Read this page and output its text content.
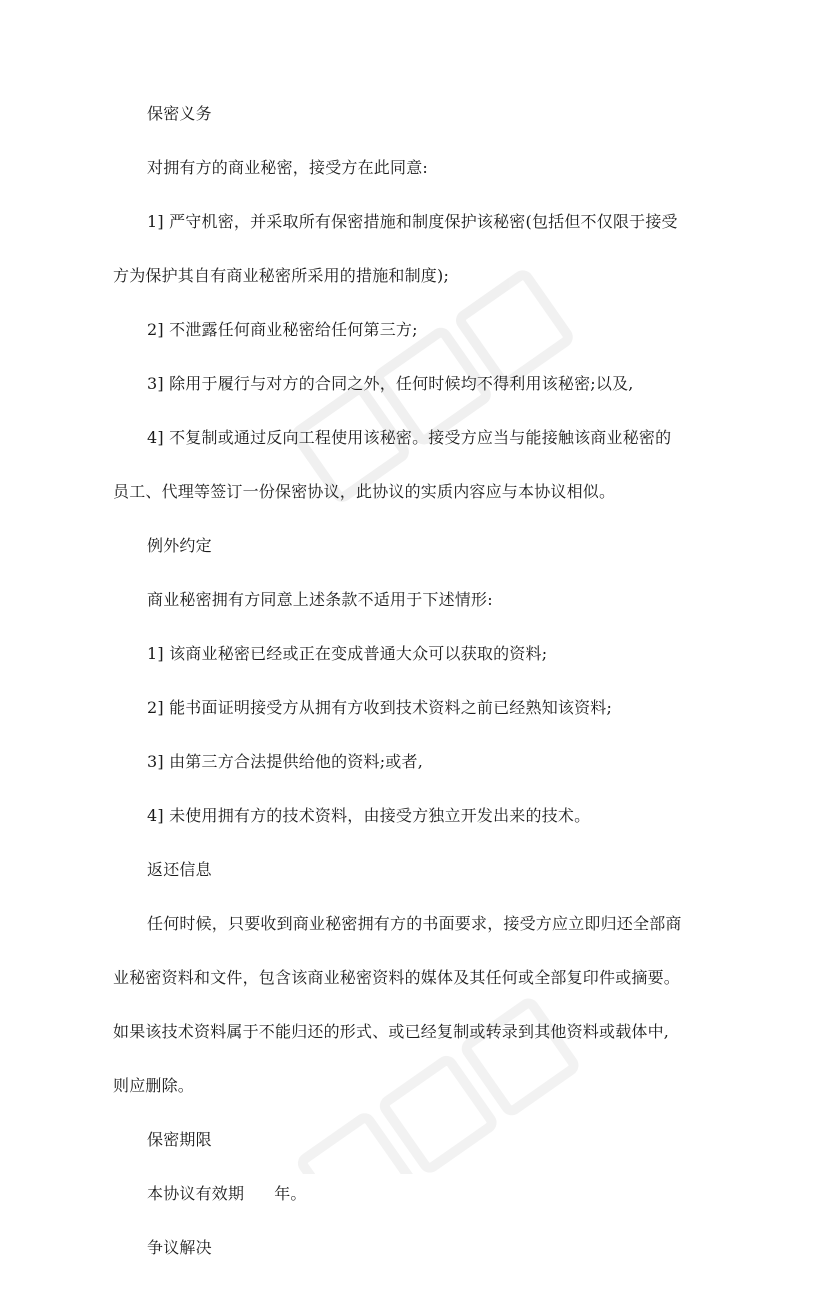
保密义务

对拥有方的商业秘密，接受方在此同意:

1] 严守机密，并采取所有保密措施和制度保护该秘密(包括但不仅限于接受

方为保护其自有商业秘密所采用的措施和制度);

2] 不泄露任何商业秘密给任何第三方;

3] 除用于履行与对方的合同之外，任何时候均不得利用该秘密;以及,

4] 不复制或通过反向工程使用该秘密。接受方应当与能接触该商业秘密的

员工、代理等签订一份保密协议，此协议的实质内容应与本协议相似。

例外约定

商业秘密拥有方同意上述条款不适用于下述情形:

1] 该商业秘密已经或正在变成普通大众可以获取的资料;

2] 能书面证明接受方从拥有方收到技术资料之前已经熟知该资料;

3] 由第三方合法提供给他的资料;或者,

4] 未使用拥有方的技术资料，由接受方独立开发出来的技术。

返还信息

任何时候，只要收到商业秘密拥有方的书面要求，接受方应立即归还全部商

业秘密资料和文件，包含该商业秘密资料的媒体及其任何或全部复印件或摘要。

如果该技术资料属于不能归还的形式、或已经复制或转录到其他资料或载体中,

则应删除。

保密期限

本协议有效期 年。

争议解决
